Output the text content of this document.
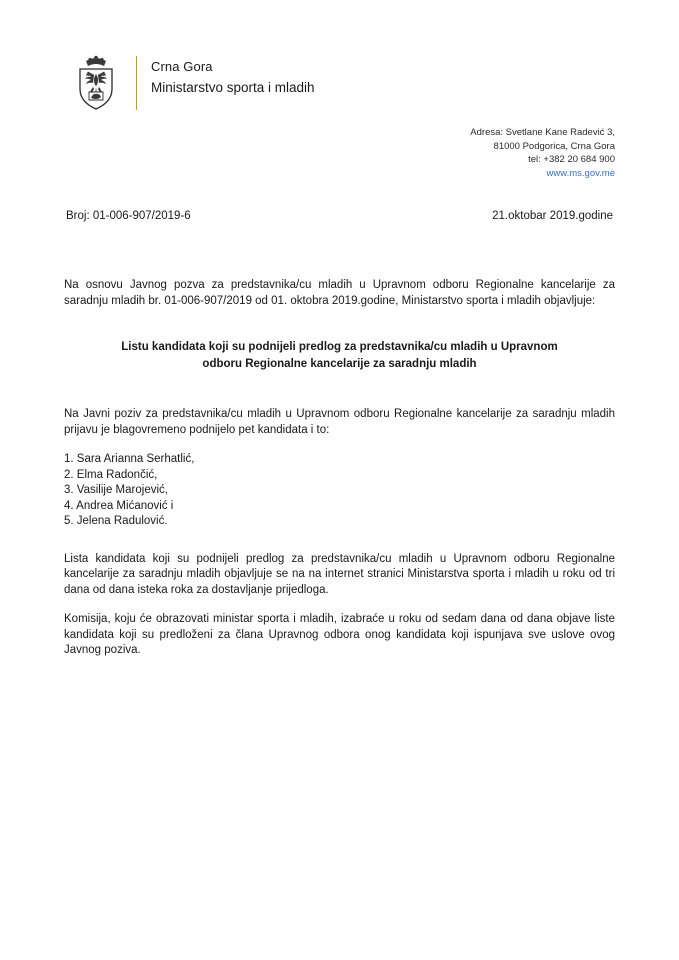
Crna Gora
Ministarstvo sporta i mladih
Adresa: Svetlane Kane Radević 3,
81000 Podgorica, Crna Gora
tel: +382 20 684 900
www.ms.gov.me
Broj: 01-006-907/2019-6	21.oktobar 2019.godine

Na osnovu Javnog pozva za predstavnika/cu mladih u Upravnom odboru Regionalne kancelarije za saradnju mladih br. 01-006-907/2019 od 01. oktobra 2019.godine, Ministarstvo sporta i mladih objavljuje:

Listu kandidata koji su podnijeli predlog za predstavnika/cu mladih u Upravnom
odboru Regionalne kancelarije za saradnju mladih

Na Javni poziv za predstavnika/cu mladih u Upravnom odboru Regionalne kancelarije za saradnju mladih prijavu je blagovremeno podnijelo pet kandidata i to:

1. Sara Arianna Serhatlić,
2. Elma Radončić,
3. Vasilije Marojević,
4. Andrea Mićanović i
5. Jelena Radulović.

Lista kandidata koji su podnijeli predlog za predstavnika/cu mladih u Upravnom odboru Regionalne kancelarije za saradnju mladih objavljuje se na na internet stranici Ministarstva sporta i mladih u roku od tri dana od dana isteka roka za dostavljanje prijedloga.

Komisija, koju će obrazovati ministar sporta i mladih, izabraće u roku od sedam dana od dana objave liste kandidata koji su predloženi za člana Upravnog odbora onog kandidata koji ispunjava sve uslove ovog Javnog poziva.
